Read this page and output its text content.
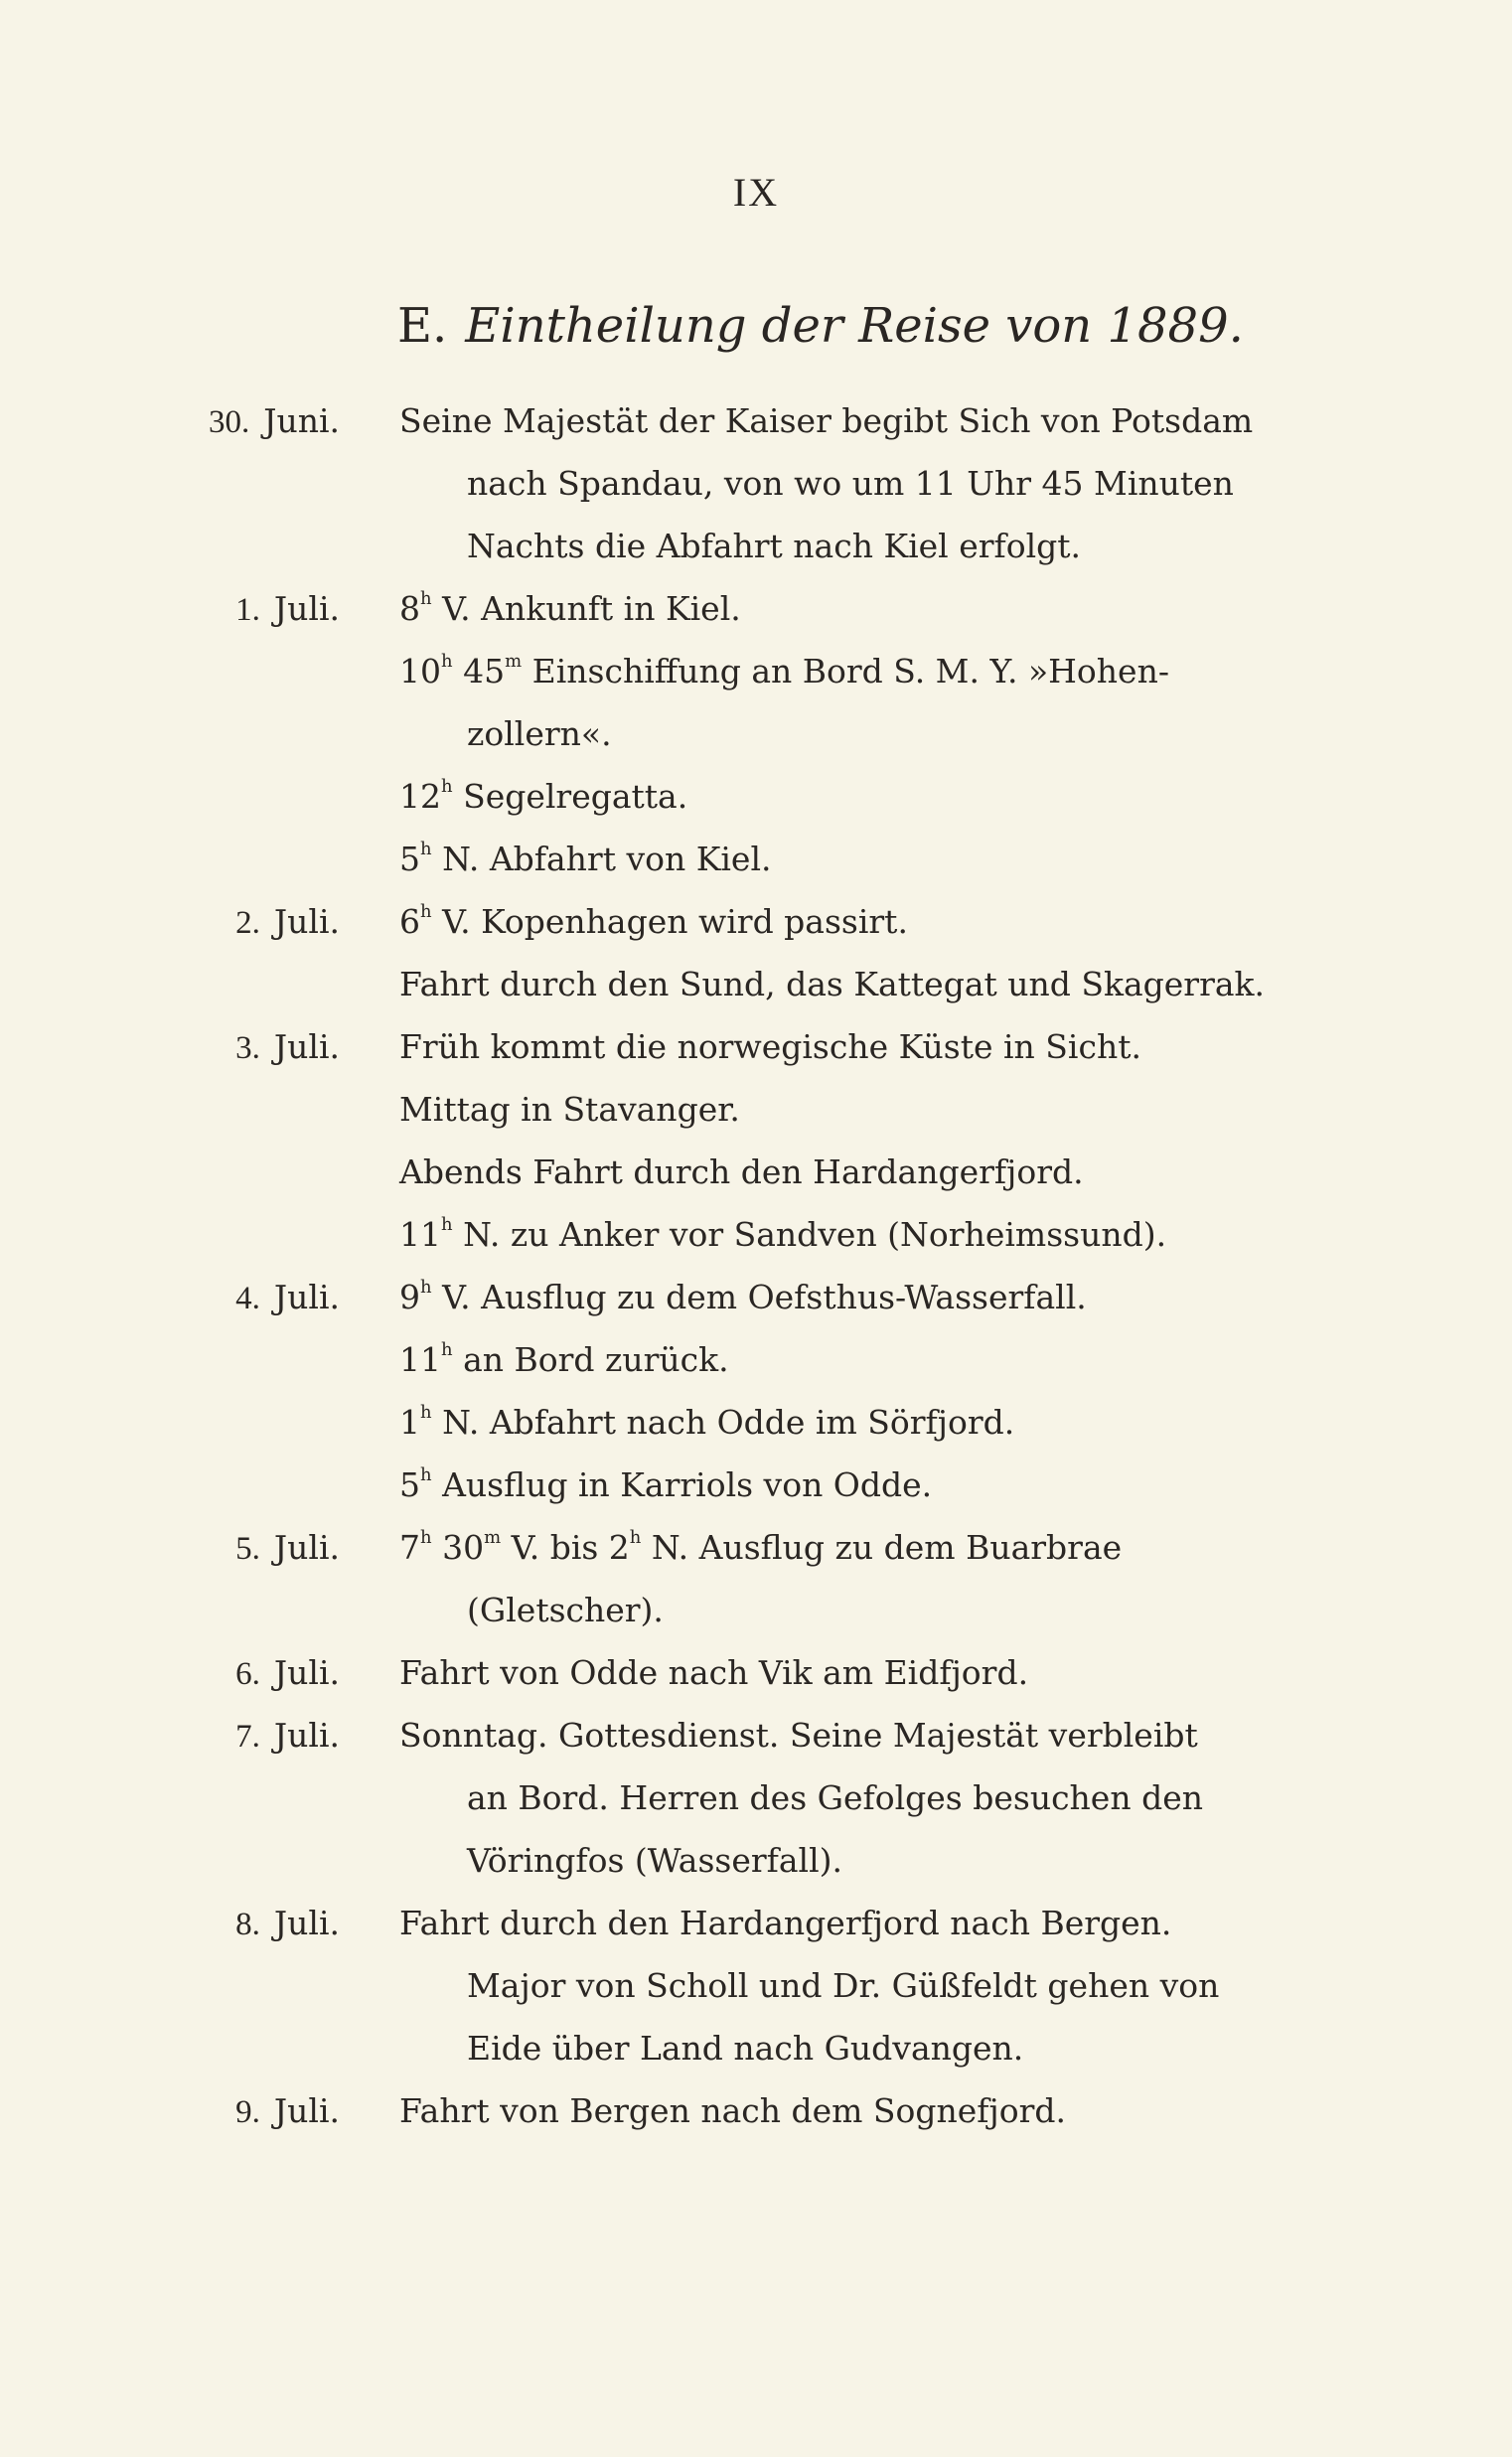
IX
E. Eintheilung der Reise von 1889.
30. Juni. Seine Majestät der Kaiser begibt Sich von Potsdam
nach Spandau, von wo um 11 Uhr 45 Minuten
Nachts die Abfahrt nach Kiel erfolgt.
1. Juli. 8$^h$ V. Ankunft in Kiel.
10$^h$ 45$^m$ Einschiffung an Bord S. M. Y. »Hohen-
zollern«.
12$^h$ Segelregatta.
5$^h$ N. Abfahrt von Kiel.
2. Juli. 6$^h$ V. Kopenhagen wird passirt.
Fahrt durch den Sund, das Kattegat und Skagerrak.
3. Juli. Früh kommt die norwegische Küste in Sicht.
Mittag in Stavanger.
Abends Fahrt durch den Hardangerfjord.
11$^h$ N. zu Anker vor Sandven (Norheimssund).
4. Juli. 9$^h$ V. Ausflug zu dem Oefsthus-Wasserfall.
11$^h$ an Bord zurück.
1$^h$ N. Abfahrt nach Odde im Sörfjord.
5$^h$ Ausflug in Karriols von Odde.
5. Juli. 7$^h$ 30$^m$ V. bis 2$^h$ N. Ausflug zu dem Buarbrae
(Gletscher).
6. Juli. Fahrt von Odde nach Vik am Eidfjord.
7. Juli. Sonntag. Gottesdienst. Seine Majestät verbleibt
an Bord. Herren des Gefolges besuchen den
Vöringfos (Wasserfall).
8. Juli. Fahrt durch den Hardangerfjord nach Bergen.
Major von Scholl und Dr. Güßfeldt gehen von
Eide über Land nach Gudvangen.
9. Juli. Fahrt von Bergen nach dem Sognefjord.
